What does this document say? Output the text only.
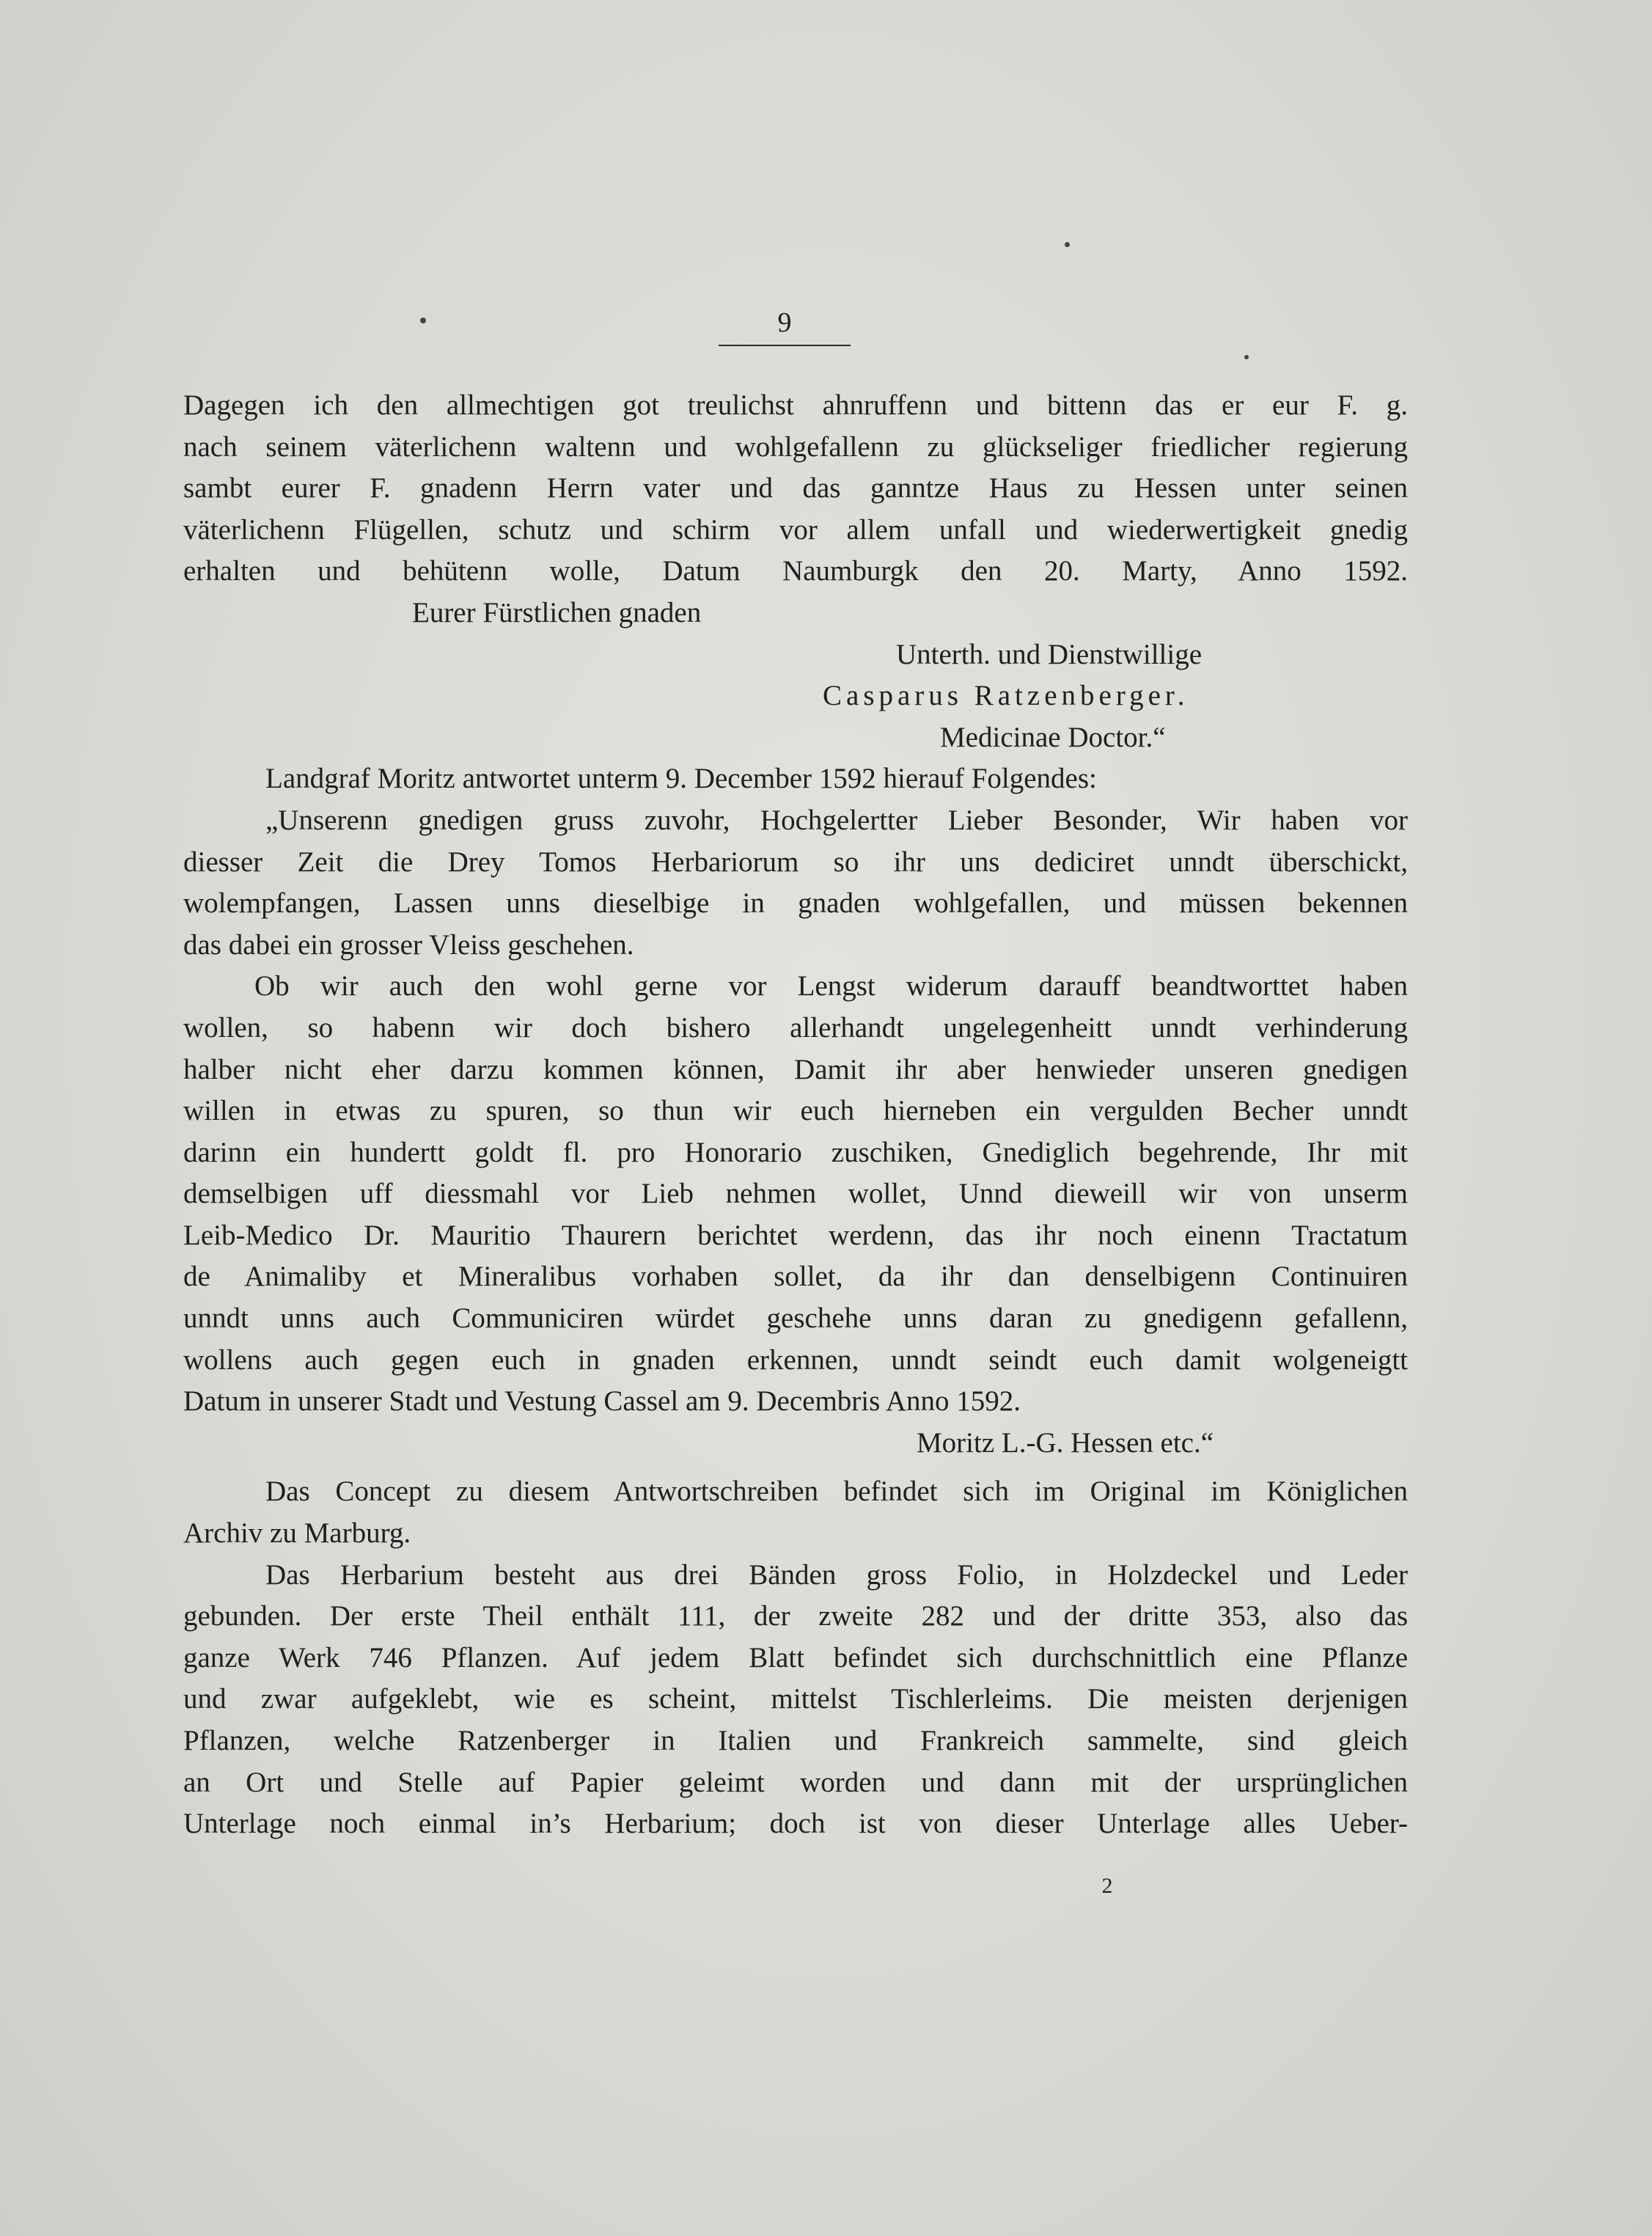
9
Dagegen ich den allmechtigen got treulichst ahnruffenn und bittenn das er eur F. g.
nach seinem väterlichenn waltenn und wohlgefallenn zu glückseliger friedlicher regierung
sambt eurer F. gnadenn Herrn vater und das ganntze Haus zu Hessen unter seinen
väterlichenn Flügellen, schutz und schirm vor allem unfall und wiederwertigkeit gnedig
erhalten und behütenn wolle, Datum Naumburgk den 20. Marty, Anno 1592.
Eurer Fürstlichen gnaden
Unterth. und Dienstwillige
Casparus Ratzenberger.
Medicinae Doctor.“
Landgraf Moritz antwortet unterm 9. December 1592 hierauf Folgendes:
„Unserenn gnedigen gruss zuvohr, Hochgelertter Lieber Besonder, Wir haben vor
diesser Zeit die Drey Tomos Herbariorum so ihr uns dediciret unndt überschickt,
wolempfangen, Lassen unns dieselbige in gnaden wohlgefallen, und müssen bekennen
das dabei ein grosser Vleiss geschehen.
Ob wir auch den wohl gerne vor Lengst widerum darauff beandtworttet haben
wollen, so habenn wir doch bishero allerhandt ungelegenheitt unndt verhinderung
halber nicht eher darzu kommen können, Damit ihr aber henwieder unseren gnedigen
willen in etwas zu spuren, so thun wir euch hierneben ein vergulden Becher unndt
darinn ein hundertt goldt fl. pro Honorario zuschiken, Gnediglich begehrende, Ihr mit
demselbigen uff diessmahl vor Lieb nehmen wollet, Unnd dieweill wir von unserm
Leib-Medico Dr. Mauritio Thaurern berichtet werdenn, das ihr noch einenn Tractatum
de Animaliby et Mineralibus vorhaben sollet, da ihr dan denselbigenn Continuiren
unndt unns auch Communiciren würdet geschehe unns daran zu gnedigenn gefallenn,
wollens auch gegen euch in gnaden erkennen, unndt seindt euch damit wolgeneigtt
Datum in unserer Stadt und Vestung Cassel am 9. Decembris Anno 1592.
Moritz L.-G. Hessen etc.“
Das Concept zu diesem Antwortschreiben befindet sich im Original im Königlichen
Archiv zu Marburg.
Das Herbarium besteht aus drei Bänden gross Folio, in Holzdeckel und Leder
gebunden. Der erste Theil enthält 111, der zweite 282 und der dritte 353, also das
ganze Werk 746 Pflanzen. Auf jedem Blatt befindet sich durchschnittlich eine Pflanze
und zwar aufgeklebt, wie es scheint, mittelst Tischlerleims. Die meisten derjenigen
Pflanzen, welche Ratzenberger in Italien und Frankreich sammelte, sind gleich
an Ort und Stelle auf Papier geleimt worden und dann mit der ursprünglichen
Unterlage noch einmal in’s Herbarium; doch ist von dieser Unterlage alles Ueber-
2
